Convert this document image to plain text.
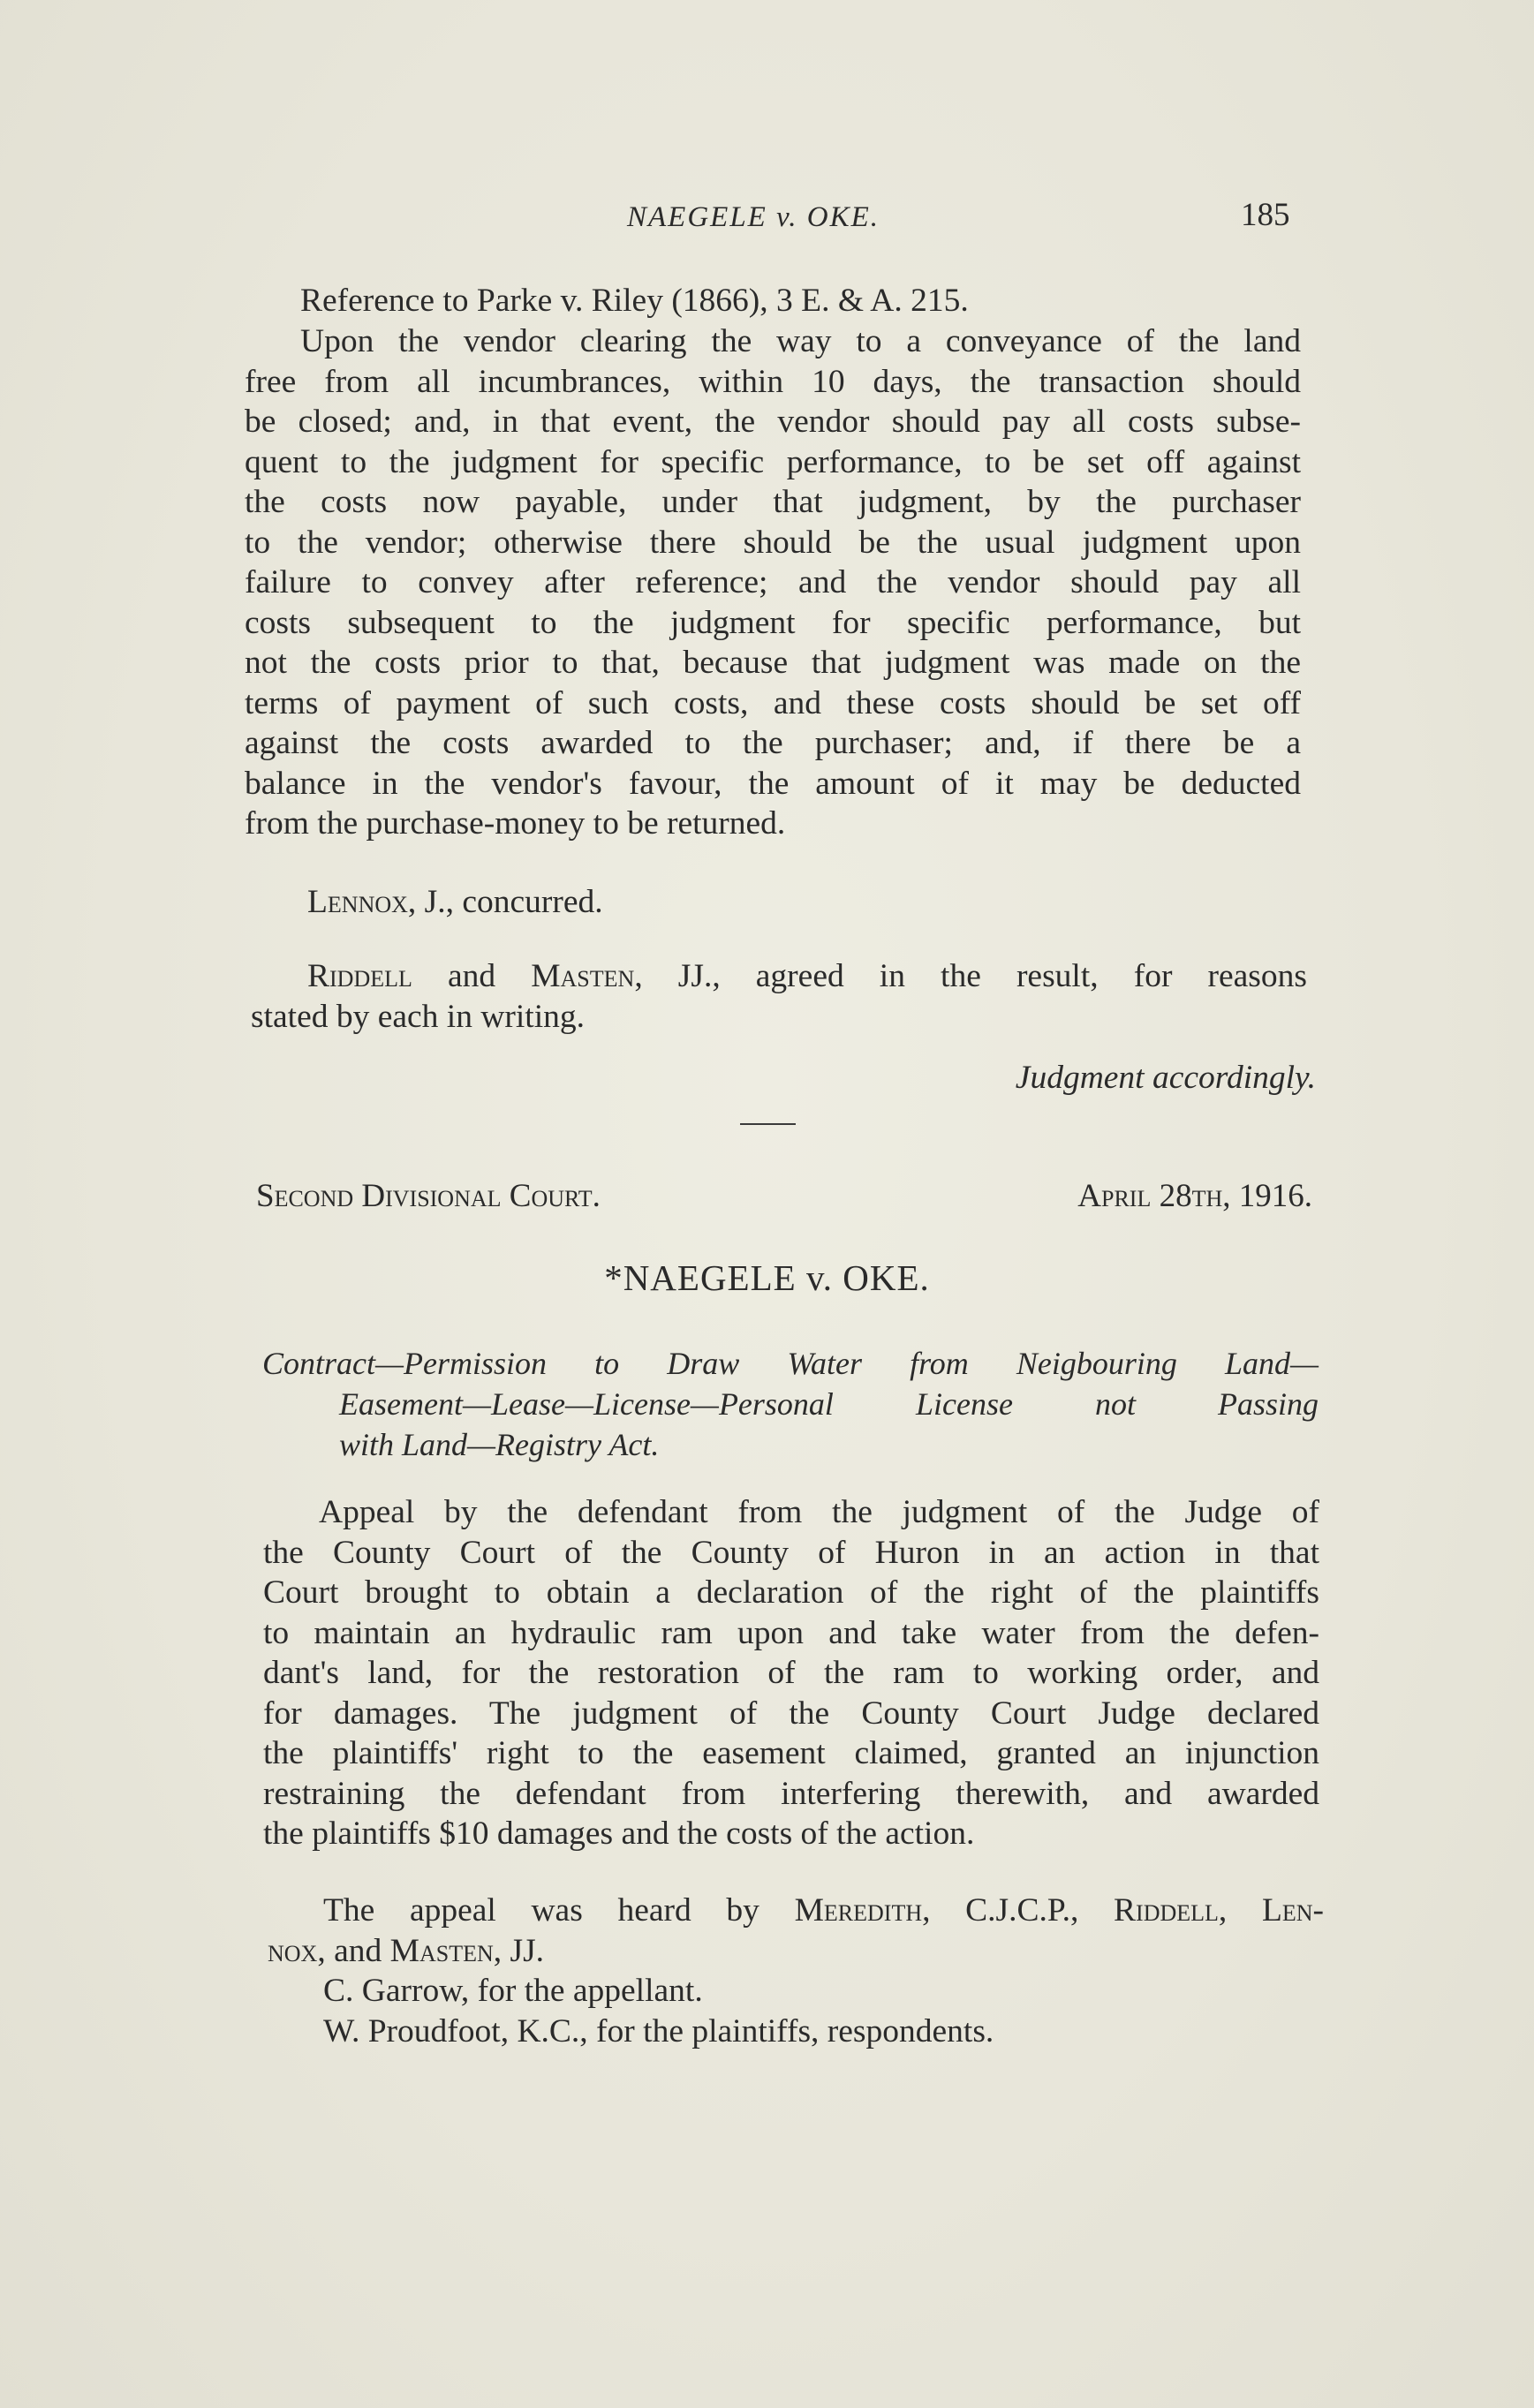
NAEGELE v. OKE.	185
Reference to Parke v. Riley (1866), 3 E. & A. 215.
Upon the vendor clearing the way to a conveyance of the land
free from all incumbrances, within 10 days, the transaction should
be closed; and, in that event, the vendor should pay all costs subse-
quent to the judgment for specific performance, to be set off against
the costs now payable, under that judgment, by the purchaser
to the vendor; otherwise there should be the usual judgment upon
failure to convey after reference; and the vendor should pay all
costs subsequent to the judgment for specific performance, but
not the costs prior to that, because that judgment was made on the
terms of payment of such costs, and these costs should be set off
against the costs awarded to the purchaser; and, if there be a
balance in the vendor's favour, the amount of it may be deducted
from the purchase-money to be returned.
Lennox, J., concurred.
Riddell and Masten, JJ., agreed in the result, for reasons
stated by each in writing.
Judgment accordingly.
Second Divisional Court.	April 28th, 1916.
*NAEGELE v. OKE.
Contract—Permission to Draw Water from Neigbouring Land—
Easement—Lease—License—Personal License not Passing
with Land—Registry Act.
Appeal by the defendant from the judgment of the Judge of
the County Court of the County of Huron in an action in that
Court brought to obtain a declaration of the right of the plaintiffs
to maintain an hydraulic ram upon and take water from the defen-
dant's land, for the restoration of the ram to working order, and
for damages. The judgment of the County Court Judge declared
the plaintiffs' right to the easement claimed, granted an injunction
restraining the defendant from interfering therewith, and awarded
the plaintiffs $10 damages and the costs of the action.
The appeal was heard by Meredith, C.J.C.P., Riddell, Len-
nox, and Masten, JJ.
C. Garrow, for the appellant.
W. Proudfoot, K.C., for the plaintiffs, respondents.
